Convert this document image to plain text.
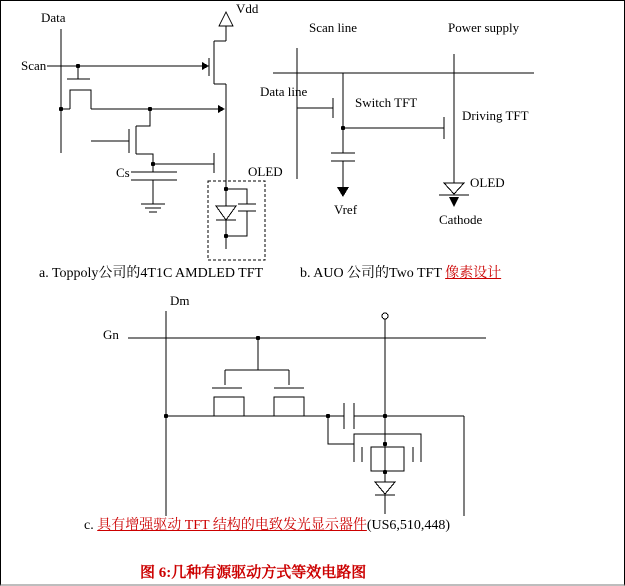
Data
Scan
Vdd
Cs	OLED
Scan line	Power supply
Data line
Switch TFT
Driving TFT
OLED
Vref
Cathode
Dm
Gn
a. Toppoly公司的4T1C AMDLED TFT	b. AUO 公司的Two TFT 像素设计
c. 具有增强驱动 TFT 结构的电致发光显示器件(US6,510,448)
图 6:几种有源驱动方式等效电路图
